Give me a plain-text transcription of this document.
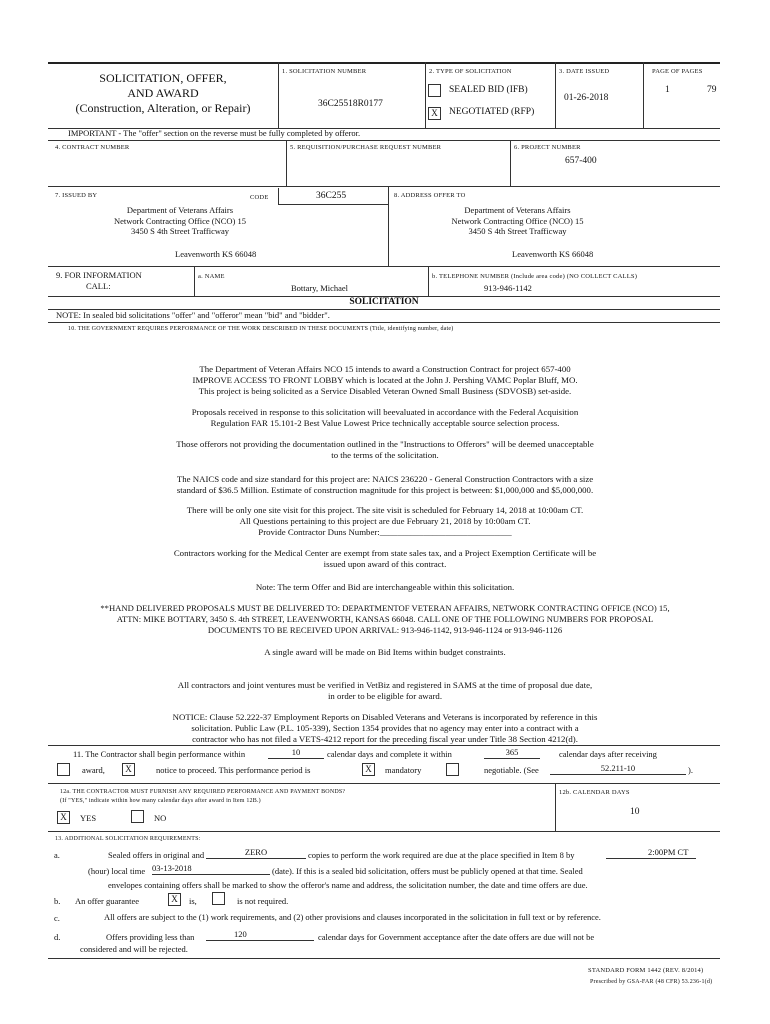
SOLICITATION, OFFER,
AND AWARD
(Construction, Alteration, or Repair)
1. SOLICITATION NUMBER
36C25518R0177
2. TYPE OF SOLICITATION
SEALED BID (IFB)
X	NEGOTIATED (RFP)
3. DATE ISSUED
01-26-2018
PAGE OF PAGES
1	79
IMPORTANT - The "offer" section on the reverse must be fully completed by offeror.
4. CONTRACT NUMBER	5. REQUISITION/PURCHASE REQUEST NUMBER	6. PROJECT NUMBER
657-400
7. ISSUED BY	CODE	36C255
Department of Veterans Affairs
Network Contracting Office (NCO) 15
3450 S 4th Street Trafficway
Leavenworth KS 66048
8. ADDRESS OFFER TO
Department of Veterans Affairs
Network Contracting Office (NCO) 15
3450 S 4th Street Trafficway
Leavenworth KS 66048
9. FOR INFORMATION
CALL:
a. NAME
Bottary, Michael
b. TELEPHONE NUMBER (Include area code) (NO COLLECT CALLS)
913-946-1142
SOLICITATION
NOTE: In sealed bid solicitations "offer" and "offeror" mean "bid" and "bidder".
10. THE GOVERNMENT REQUIRES PERFORMANCE OF THE WORK DESCRIBED IN THESE DOCUMENTS (Title, identifying number, date)
The Department of Veteran Affairs NCO 15 intends to award a Construction Contract for project 657-400
IMPROVE ACCESS TO FRONT LOBBY which is located at the John J. Pershing VAMC Poplar Bluff, MO.
This project is being solicited as a Service Disabled Veteran Owned Small Business (SDVOSB) set-aside.
Proposals received in response to this solicitation will beevaluated in accordance with the Federal Acquisition
Regulation FAR 15.101-2 Best Value Lowest Price technically acceptable source selection process.
Those offerors not providing the documentation outlined in the "Instructions to Offerors" will be deemed unacceptable
to the terms of the solicitation.
The NAICS code and size standard for this project are: NAICS 236220 - General Construction Contractors with a size
standard of $36.5 Million. Estimate of construction magnitude for this project is between: $1,000,000 and $5,000,000.
There will be only one site visit for this project. The site visit is scheduled for February 14, 2018 at 10:00am CT.
All Questions pertaining to this project are due February 21, 2018 by 10:00am CT.
Provide Contractor Duns Number:______________________________
Contractors working for the Medical Center are exempt from state sales tax, and a Project Exemption Certificate will be
issued upon award of this contract.
Note: The term Offer and Bid are interchangeable within this solicitation.
**HAND DELIVERED PROPOSALS MUST BE DELIVERED TO: DEPARTMENTOF VETERAN AFFAIRS, NETWORK CONTRACTING OFFICE (NCO) 15,
ATTN: MIKE BOTTARY, 3450 S. 4th STREET, LEAVENWORTH, KANSAS 66048. CALL ONE OF THE FOLLOWING NUMBERS FOR PROPOSAL
DOCUMENTS TO BE RECEIVED UPON ARRIVAL: 913-946-1142, 913-946-1124 or 913-946-1126
A single award will be made on Bid Items within budget constraints.
All contractors and joint ventures must be verified in VetBiz and registered in SAMS at the time of proposal due date,
in order to be eligible for award.
NOTICE: Clause 52.222-37 Employment Reports on Disabled Veterans and Veterans is incorporated by reference in this
solicitation. Public Law (P.L. 105-339), Section 1354 provides that no agency may enter into a contract with a
contractor who has not filed a VETS-4212 report for the preceding fiscal year under Title 38 Section 4212(d).
11. The Contractor shall begin performance within	10	calendar days and complete it within	365	calendar days after receiving
award,	X	notice to proceed. This performance period is	X	mandatory	negotiable. (See	52.211-10	).
12a. THE CONTRACTOR MUST FURNISH ANY REQUIRED PERFORMANCE AND PAYMENT BONDS?
(If "YES," indicate within how many calendar days after award in Item 12B.)
X	YES	NO
12b. CALENDAR DAYS
10
13. ADDITIONAL SOLICITATION REQUIREMENTS:
a.	Sealed offers in original and	ZERO	copies to perform the work required are due at the place specified in Item 8 by	2:00PM CT
(hour) local time 03-13-2018	(date). If this is a sealed bid solicitation, offers must be publicly opened at that time. Sealed
envelopes containing offers shall be marked to show the offeror's name and address, the solicitation number, the date and time offers are due.
b. An offer guarantee	X	is,	is not required.
c.	All offers are subject to the (1) work requirements, and (2) other provisions and clauses incorporated in the solicitation in full text or by reference.
d.	Offers providing less than	120	calendar days for Government acceptance after the date offers are due will not be
considered and will be rejected.
STANDARD FORM 1442 (REV. 8/2014)
Prescribed by GSA-FAR (48 CFR) 53.236-1(d)
